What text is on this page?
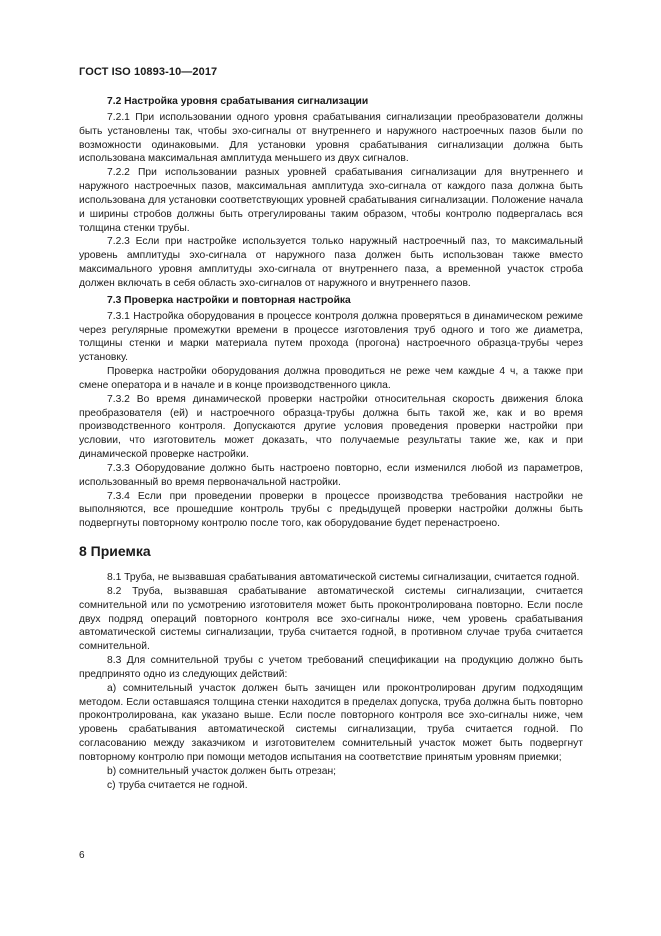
ГОСТ ISO 10893-10—2017
7.2 Настройка уровня срабатывания сигнализации

7.2.1 При использовании одного уровня срабатывания сигнализации преобразователи должны быть установлены так, чтобы эхо-сигналы от внутреннего и наружного настроечных пазов были по возможности одинаковыми. Для установки уровня срабатывания сигнализации должна быть использована максимальная амплитуда меньшего из двух сигналов.

7.2.2 При использовании разных уровней срабатывания сигнализации для внутреннего и наружного настроечных пазов, максимальная амплитуда эхо-сигнала от каждого паза должна быть использована для установки соответствующих уровней срабатывания сигнализации. Положение начала и ширины стробов должны быть отрегулированы таким образом, чтобы контролю подвергалась вся толщина стенки трубы.

7.2.3 Если при настройке используется только наружный настроечный паз, то максимальный уровень амплитуды эхо-сигнала от наружного паза должен быть использован также вместо максимального уровня амплитуды эхо-сигнала от внутреннего паза, а временной участок строба должен включать в себя область эхо-сигналов от наружного и внутреннего пазов.

7.3 Проверка настройки и повторная настройка

7.3.1 Настройка оборудования в процессе контроля должна проверяться в динамическом режиме через регулярные промежутки времени в процессе изготовления труб одного и того же диаметра, толщины стенки и марки материала путем прохода (прогона) настроечного образца-трубы через установку.

Проверка настройки оборудования должна проводиться не реже чем каждые 4 ч, а также при смене оператора и в начале и в конце производственного цикла.

7.3.2 Во время динамической проверки настройки относительная скорость движения блока преобразователя (ей) и настроечного образца-трубы должна быть такой же, как и во время производственного контроля. Допускаются другие условия проведения проверки настройки при условии, что изготовитель может доказать, что получаемые результаты такие же, как и при динамической проверке настройки.

7.3.3 Оборудование должно быть настроено повторно, если изменился любой из параметров, использованный во время первоначальной настройки.

7.3.4 Если при проведении проверки в процессе производства требования настройки не выполняются, все прошедшие контроль трубы с предыдущей проверки настройки должны быть подвергнуты повторному контролю после того, как оборудование будет перенастроено.

8 Приемка

8.1 Труба, не вызвавшая срабатывания автоматической системы сигнализации, считается годной.

8.2 Труба, вызвавшая срабатывание автоматической системы сигнализации, считается сомнительной или по усмотрению изготовителя может быть проконтролирована повторно. Если после двух подряд операций повторного контроля все эхо-сигналы ниже, чем уровень срабатывания автоматической системы сигнализации, труба считается годной, в противном случае труба считается сомнительной.

8.3 Для сомнительной трубы с учетом требований спецификации на продукцию должно быть предпринято одно из следующих действий:

a) сомнительный участок должен быть зачищен или проконтролирован другим подходящим методом. Если оставшаяся толщина стенки находится в пределах допуска, труба должна быть повторно проконтролирована, как указано выше. Если после повторного контроля все эхо-сигналы ниже, чем уровень срабатывания автоматической системы сигнализации, труба считается годной. По согласованию между заказчиком и изготовителем сомнительный участок может быть подвергнут повторному контролю при помощи методов испытания на соответствие принятым уровням приемки;

b) сомнительный участок должен быть отрезан;

c) труба считается не годной.

6
